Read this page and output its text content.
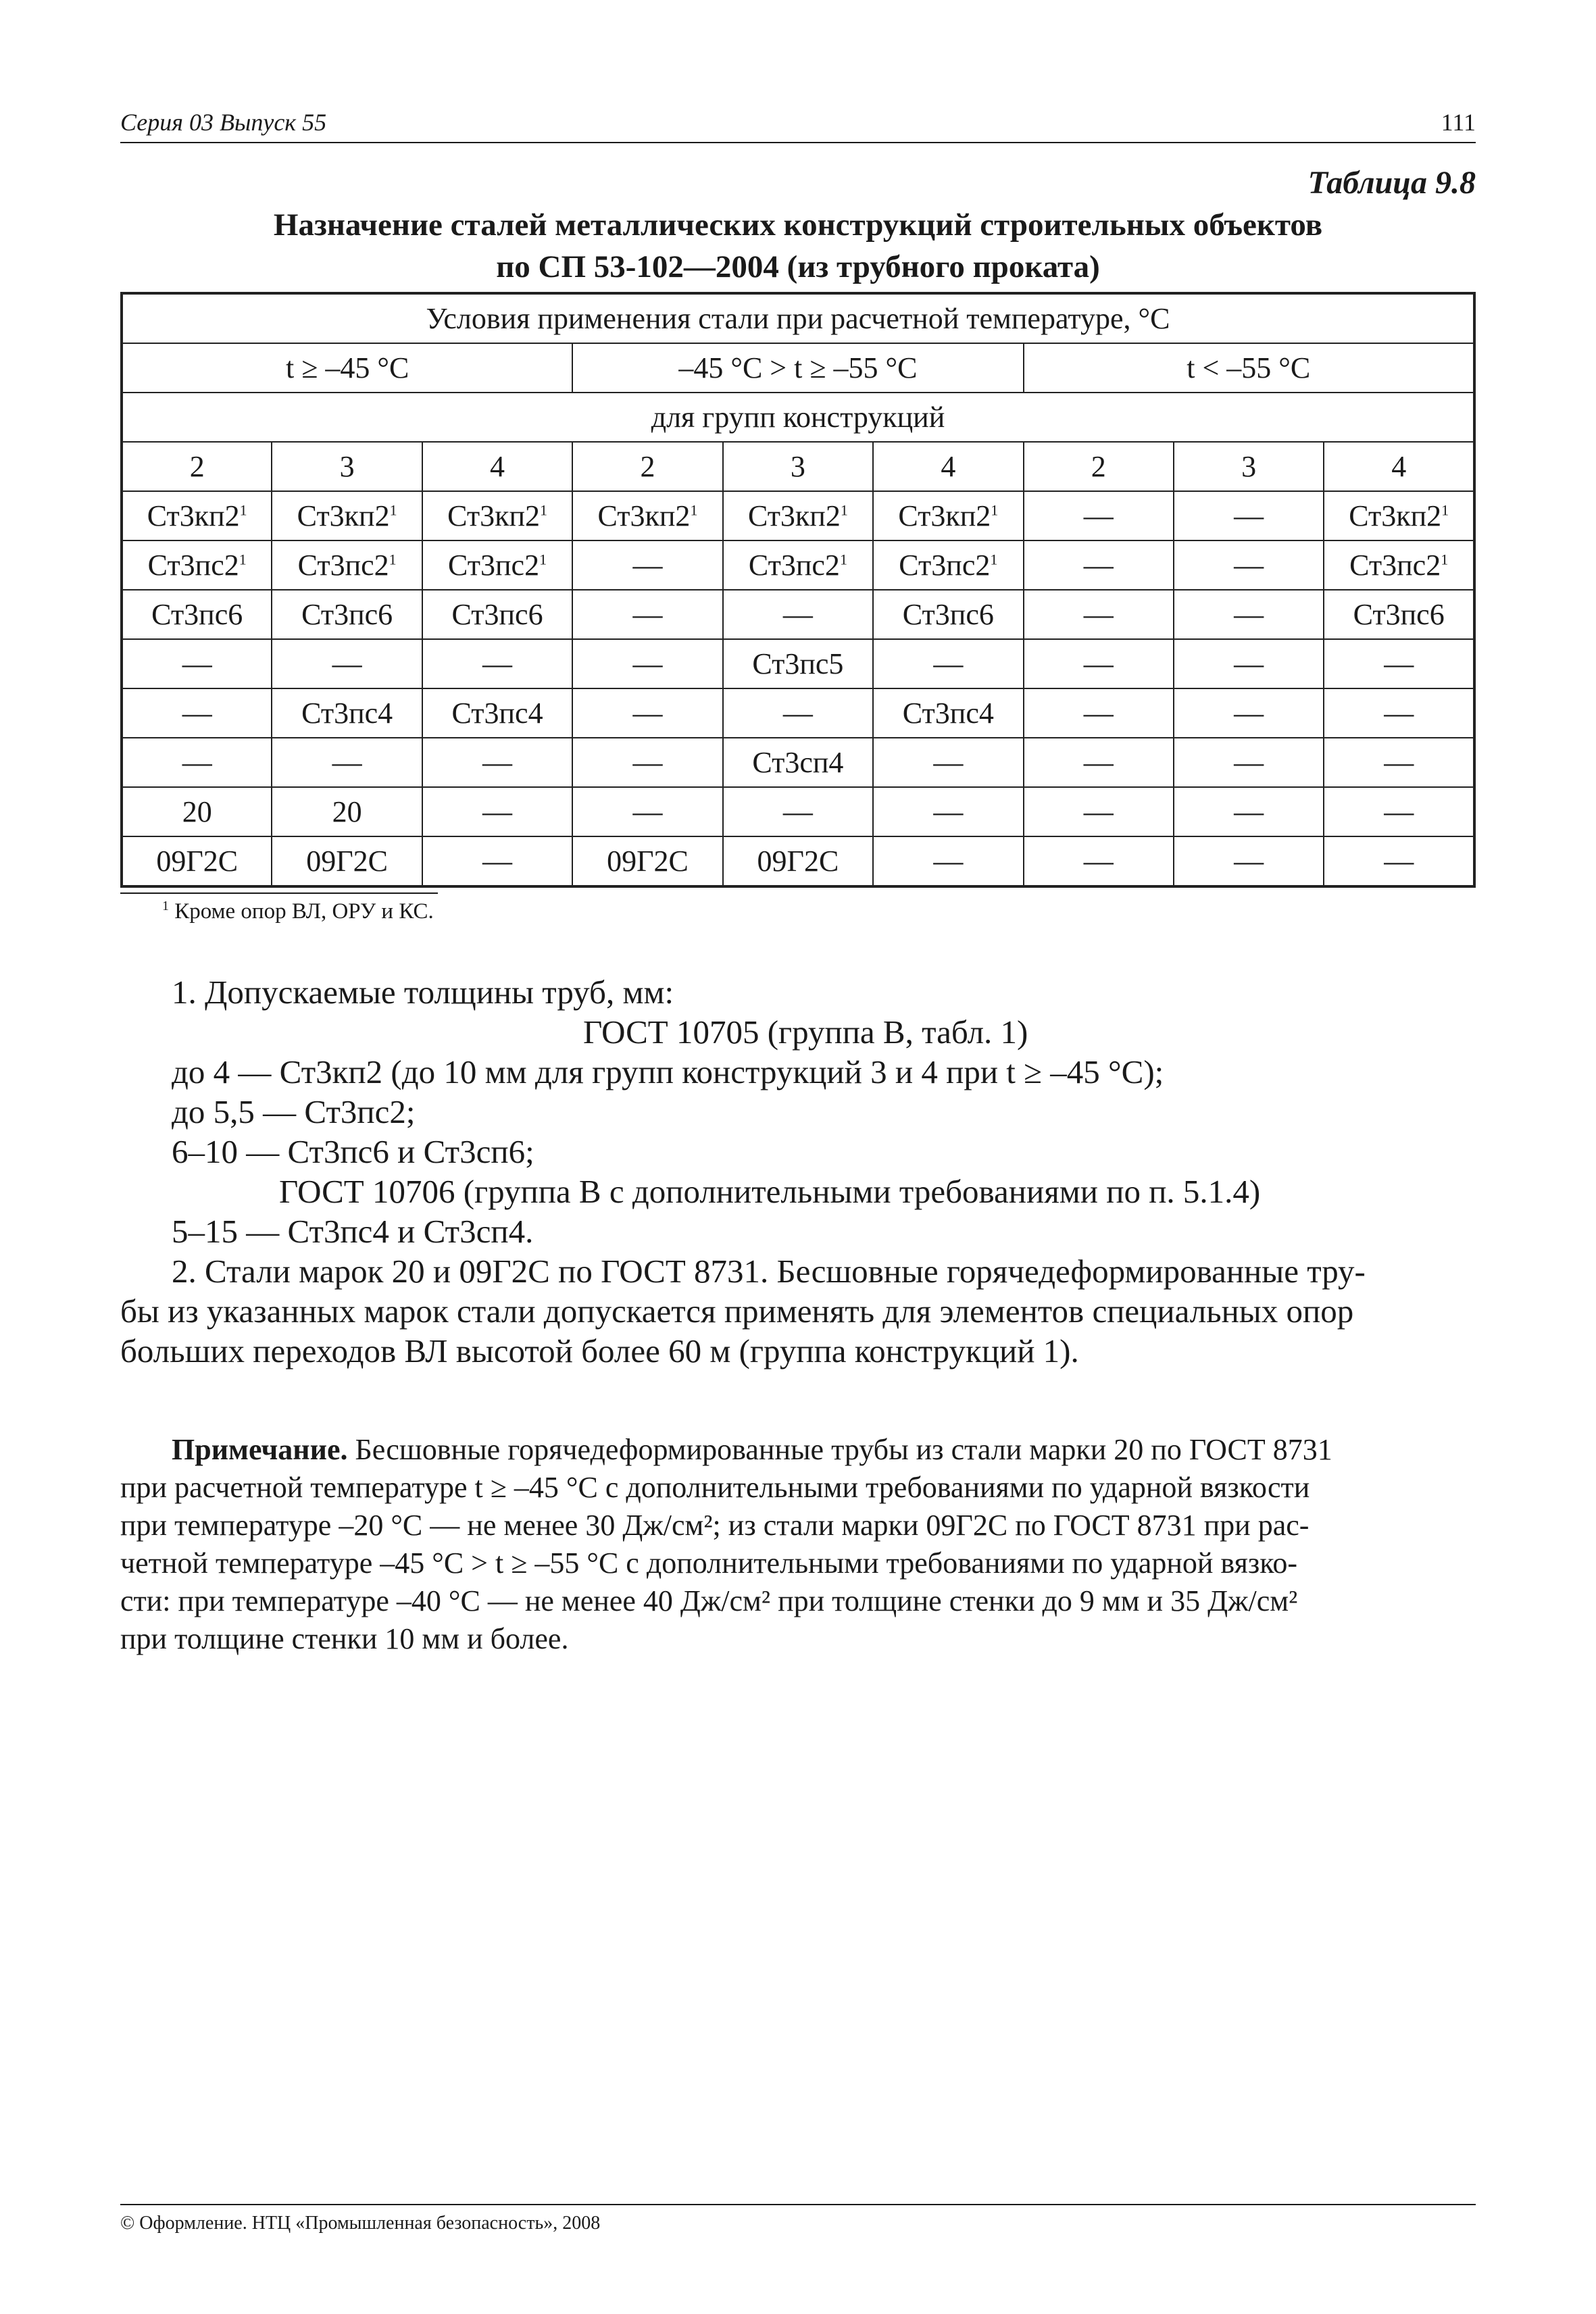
Серия 03 Выпуск 55	111
Таблица 9.8
Назначение сталей металлических конструкций строительных объектов
по СП 53-102—2004 (из трубного проката)
Условия применения стали при расчетной температуре, °С								
t ≥ –45 °С			–45 °С > t ≥ –55 °С			t < –55 °С		
для групп конструкций								
2	3	4	2	3	4	2	3	4
$Ст3кп2^1$	$Ст3кп2^1$	$Ст3кп2^1$	$Ст3кп2^1$	$Ст3кп2^1$	$Ст3кп2^1$	—	—	$Ст3кп2^1$
$Ст3пс2^1$	$Ст3пс2^1$	$Ст3пс2^1$	—	$Ст3пс2^1$	$Ст3пс2^1$	—	—	$Ст3пс2^1$
Ст3пс6	Ст3пс6	Ст3пс6	—	—	Ст3пс6	—	—	Ст3пс6
—	—	—	—	Ст3пс5	—	—	—	—
—	Ст3пс4	Ст3пс4	—	—	Ст3пс4	—	—	—
—	—	—	—	Ст3сп4	—	—	—	—
20	20	—	—	—	—	—	—	—
09Г2С	09Г2С	—	09Г2С	09Г2С	—	—	—	—
$^1$ Кроме опор ВЛ, ОРУ и КС.
1. Допускаемые толщины труб, мм:
ГОСТ 10705 (группа В, табл. 1)
до 4 — Ст3кп2 (до 10 мм для групп конструкций 3 и 4 при t ≥ –45 °С);
до 5,5 — Ст3пс2;
6–10 — Ст3пс6 и Ст3сп6;
ГОСТ 10706 (группа В с дополнительными требованиями по п. 5.1.4)
5–15 — Ст3пс4 и Ст3сп4.
2. Стали марок 20 и 09Г2С по ГОСТ 8731. Бесшовные горячедеформированные тру-
бы из указанных марок стали допускается применять для элементов специальных опор
больших переходов ВЛ высотой более 60 м (группа конструкций 1).
Примечание. Бесшовные горячедеформированные трубы из стали марки 20 по ГОСТ 8731
при расчетной температуре t ≥ –45 °С с дополнительными требованиями по ударной вязкости
при температуре –20 °С — не менее 30 Дж/см²; из стали марки 09Г2С по ГОСТ 8731 при рас-
четной температуре –45 °С > t ≥ –55 °С с дополнительными требованиями по ударной вязко-
сти: при температуре –40 °С — не менее 40 Дж/см² при толщине стенки до 9 мм и 35 Дж/см²
при толщине стенки 10 мм и более.
© Оформление. НТЦ «Промышленная безопасность», 2008
